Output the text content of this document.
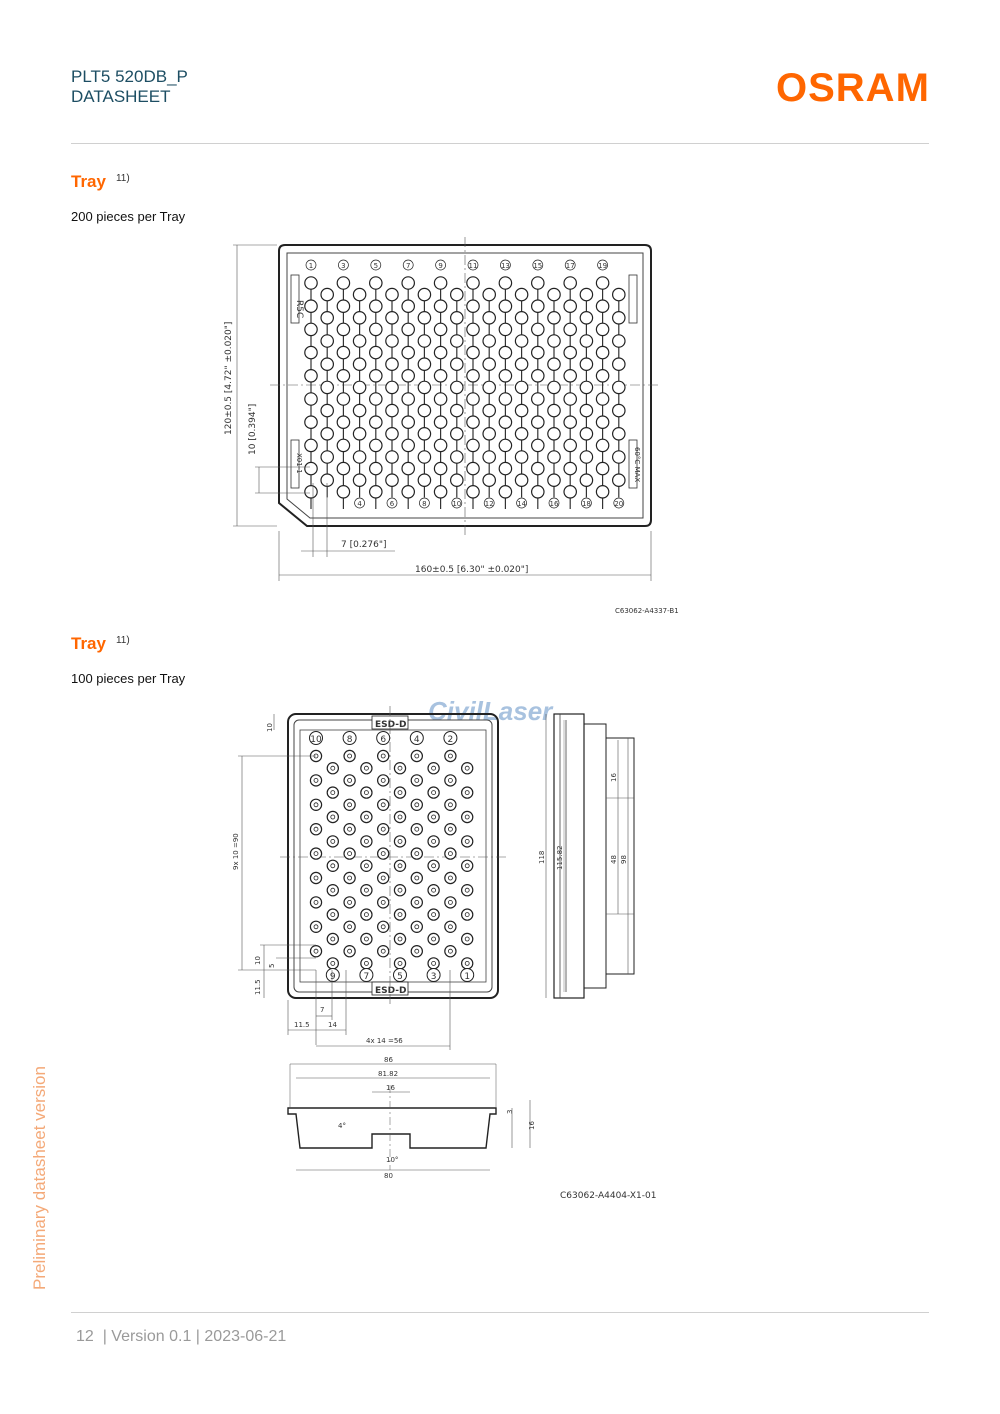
PLT5 520DB_P
DATASHEET	OSRAM
Tray $^{11)}$
200 pieces per Tray
1	3	5	7	9	11	13	15	17	19
4	6	8	10	12	14	16	18	20
R5C
X01-1	60°C MAX
120±0.5 [4.72" ±0.020"] 10 [0.394"]
7 [0.276"]
160±0.5 [6.30" ±0.020"]
C63062-A4337-B1
Tray $^{11)}$
100 pieces per Tray
CivilLaser
ESD-D
ESD-D
10	8	6	4	2
9	7	5	3	1
10
9x 10 =90
10
5
11.5
7
11.5	14
4x 14 =56
118 115.82
16
48 98
86
81.82
16
3
16
4°
10°
80
C63062-A4404-X1-01
Preliminary datasheet version
12 | Version 0.1 | 2023-06-21
